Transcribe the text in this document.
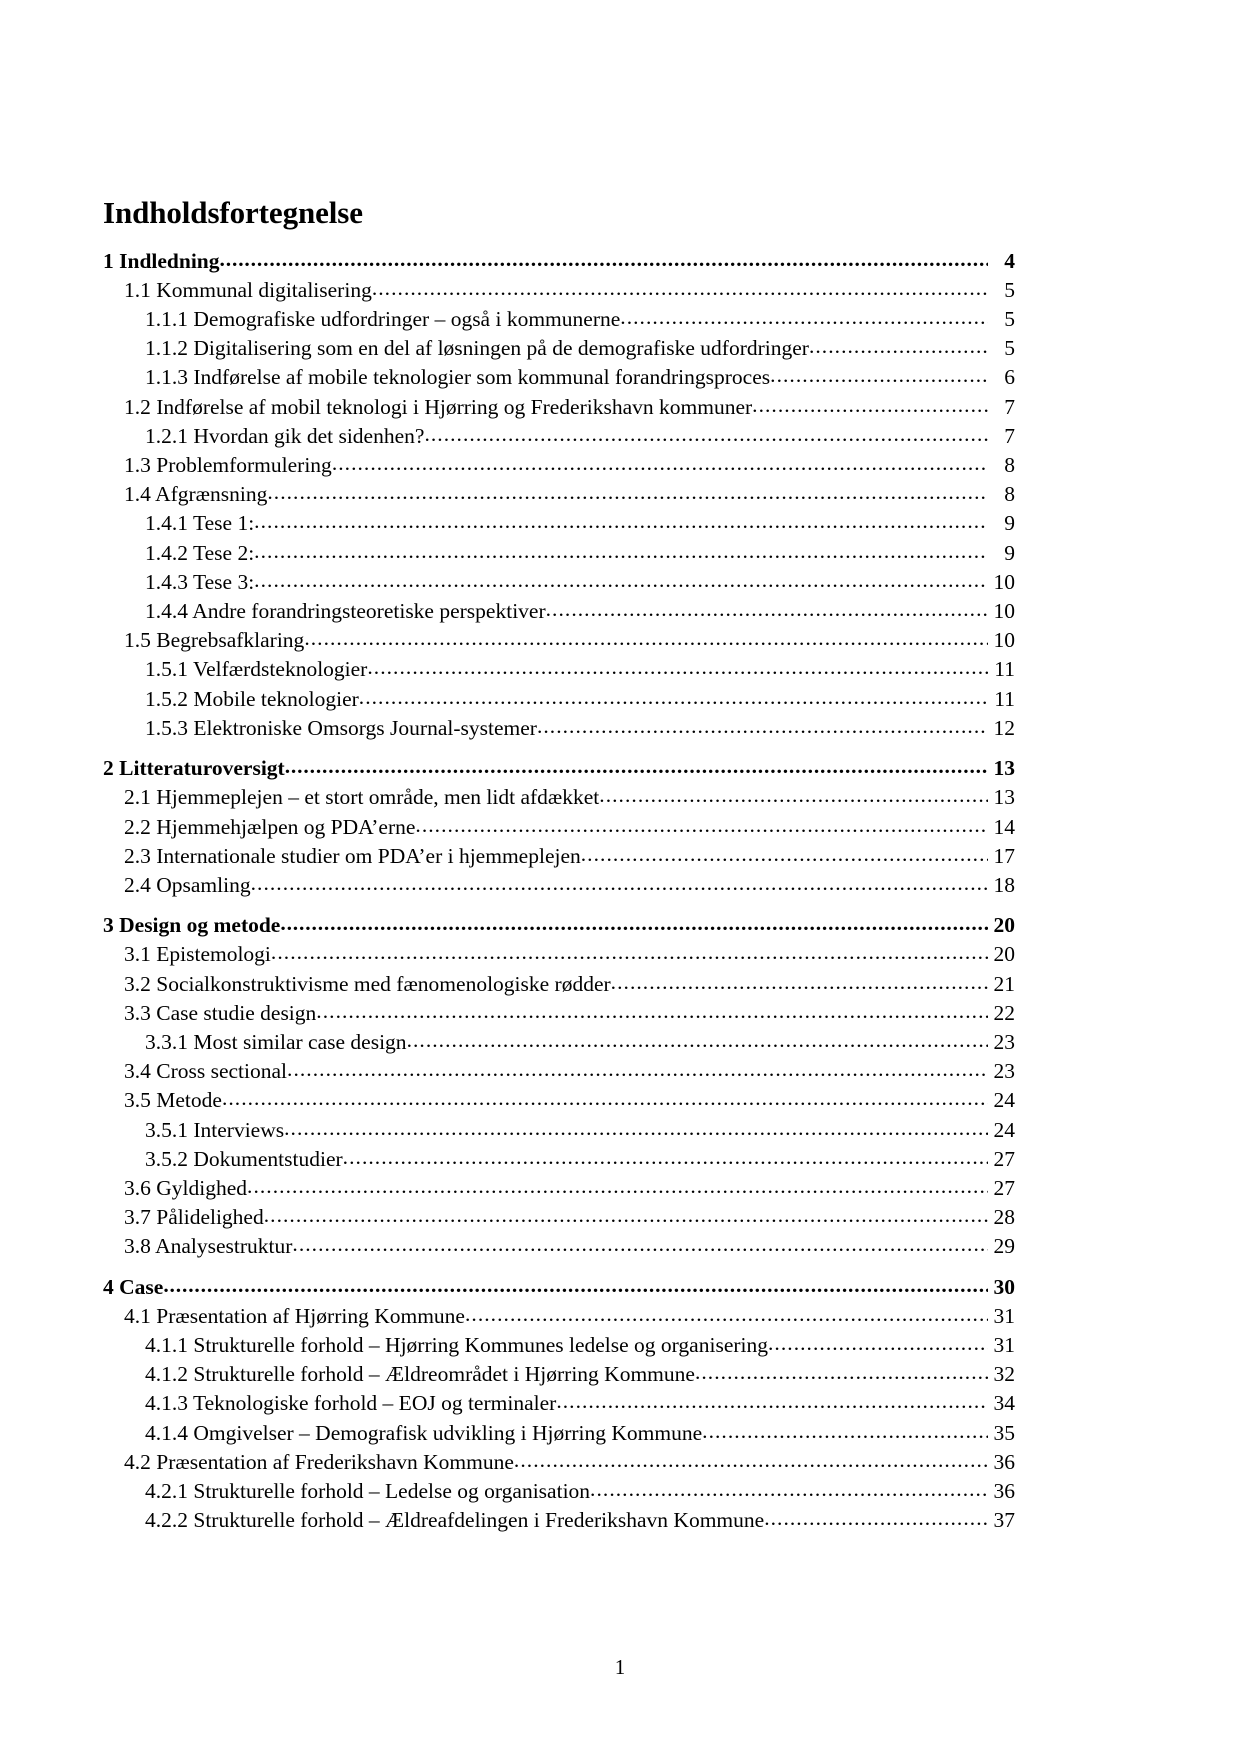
Indholdsfortegnelse
1 Indledning .....	4
1.1 Kommunal digitalisering .....	5
1.1.1 Demografiske udfordringer – også i kommunerne .....	5
1.1.2 Digitalisering som en del af løsningen på de demografiske udfordringer .....	5
1.1.3 Indførelse af mobile teknologier som kommunal forandringsproces .....	6
1.2 Indførelse af mobil teknologi i Hjørring og Frederikshavn kommuner .....	7
1.2.1 Hvordan gik det sidenhen? .....	7
1.3 Problemformulering .....	8
1.4 Afgrænsning .....	8
1.4.1 Tese 1: .....	9
1.4.2 Tese 2: .....	9
1.4.3 Tese 3: .....	10
1.4.4 Andre forandringsteoretiske perspektiver .....	10
1.5 Begrebsafklaring .....	10
1.5.1 Velfærdsteknologier .....	11
1.5.2 Mobile teknologier .....	11
1.5.3 Elektroniske Omsorgs Journal-systemer .....	12
2 Litteraturoversigt .....	13
2.1 Hjemmeplejen – et stort område, men lidt afdækket .....	13
2.2 Hjemmehjælpen og PDA’erne .....	14
2.3 Internationale studier om PDA’er i hjemmeplejen .....	17
2.4 Opsamling .....	18
3 Design og metode .....	20
3.1 Epistemologi .....	20
3.2 Socialkonstruktivisme med fænomenologiske rødder .....	21
3.3 Case studie design .....	22
3.3.1 Most similar case design .....	23
3.4 Cross sectional .....	23
3.5 Metode .....	24
3.5.1 Interviews .....	24
3.5.2 Dokumentstudier .....	27
3.6 Gyldighed .....	27
3.7 Pålidelighed .....	28
3.8 Analysestruktur .....	29
4 Case .....	30
4.1 Præsentation af Hjørring Kommune .....	31
4.1.1 Strukturelle forhold – Hjørring Kommunes ledelse og organisering .....	31
4.1.2 Strukturelle forhold – Ældreområdet i Hjørring Kommune .....	32
4.1.3 Teknologiske forhold – EOJ og terminaler .....	34
4.1.4 Omgivelser – Demografisk udvikling i Hjørring Kommune .....	35
4.2 Præsentation af Frederikshavn Kommune .....	36
4.2.1 Strukturelle forhold – Ledelse og organisation .....	36
4.2.2 Strukturelle forhold – Ældreafdelingen i Frederikshavn Kommune .....	37
1
